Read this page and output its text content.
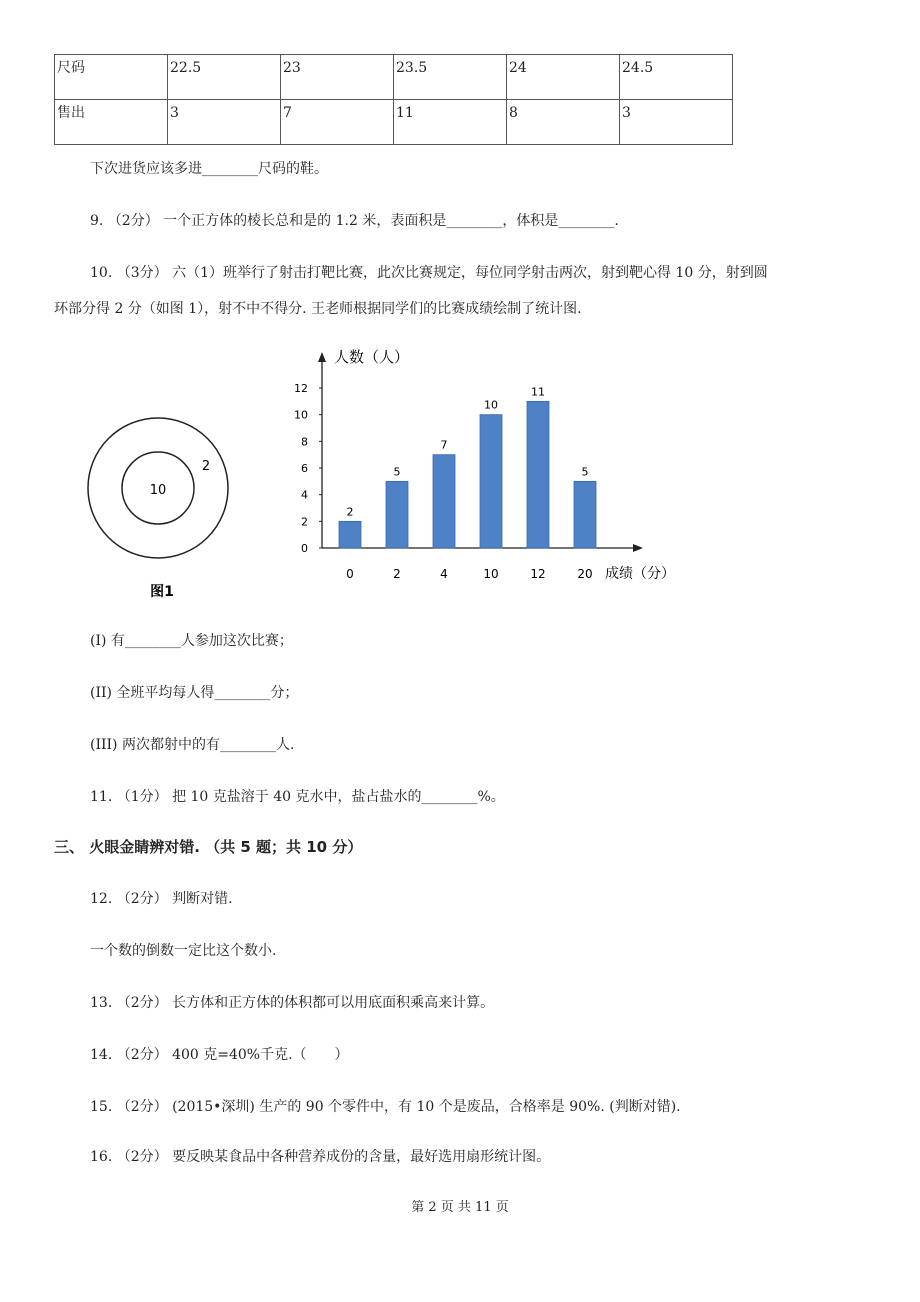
尺码	22.5	23	23.5	24	24.5
售出	3	7	11	8	3
下次进货应该多进________尺码的鞋。
9. （2分） 一个正方体的棱长总和是的 1.2 米，表面积是________，体积是________.
10. （3分） 六（1）班举行了射击打靶比赛，此次比赛规定，每位同学射击两次，射到靶心得 10 分，射到圆
环部分得 2 分（如图 1），射不中不得分. 王老师根据同学们的比赛成绩绘制了统计图.
10
2
图1
人数（人）
成绩（分）
0
2
4
6
8
10
12
2
0
5
2
7
4
10
10
11
12
5
20
(I) 有________人参加这次比赛；
(II) 全班平均每人得________分；
(III) 两次都射中的有________人.
11. （1分） 把 10 克盐溶于 40 克水中，盐占盐水的________%。
三、 火眼金睛辨对错. （共 5 题；共 10 分）
12. （2分） 判断对错.
一个数的倒数一定比这个数小.
13. （2分） 长方体和正方体的体积都可以用底面积乘高来计算。
14. （2分） 400 克=40%千克.（　　）
15. （2分） (2015•深圳) 生产的 90 个零件中，有 10 个是废品，合格率是 90%. (判断对错).
16. （2分） 要反映某食品中各种营养成份的含量，最好选用扇形统计图。
第 2 页 共 11 页
